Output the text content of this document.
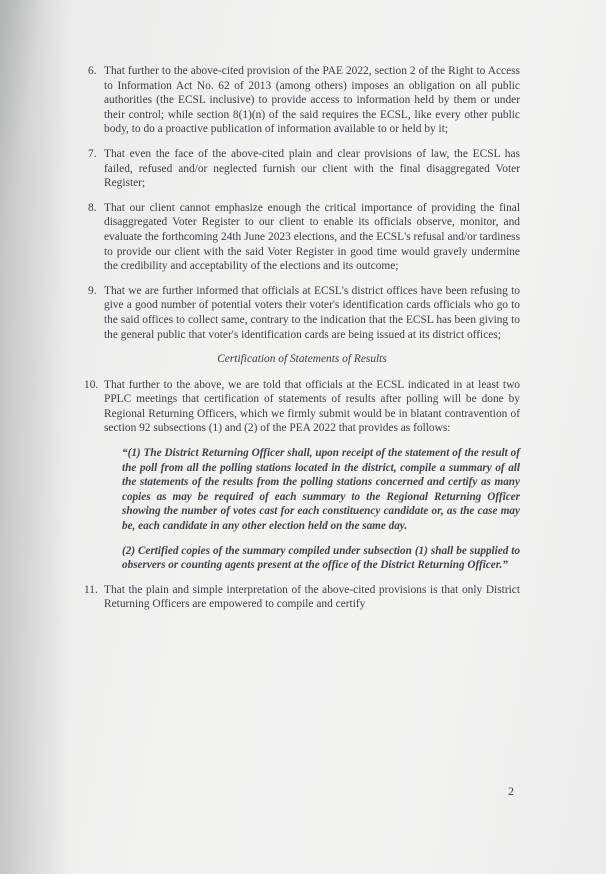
6. That further to the above-cited provision of the PAE 2022, section 2 of the Right to Access to Information Act No. 62 of 2013 (among others) imposes an obligation on all public authorities (the ECSL inclusive) to provide access to information held by them or under their control; while section 8(1)(n) of the said requires the ECSL, like every other public body, to do a proactive publication of information available to or held by it;
7. That even the face of the above-cited plain and clear provisions of law, the ECSL has failed, refused and/or neglected furnish our client with the final disaggregated Voter Register;
8. That our client cannot emphasize enough the critical importance of providing the final disaggregated Voter Register to our client to enable its officials observe, monitor, and evaluate the forthcoming 24th June 2023 elections, and the ECSL's refusal and/or tardiness to provide our client with the said Voter Register in good time would gravely undermine the credibility and acceptability of the elections and its outcome;
9. That we are further informed that officials at ECSL's district offices have been refusing to give a good number of potential voters their voter's identification cards officials who go to the said offices to collect same, contrary to the indication that the ECSL has been giving to the general public that voter's identification cards are being issued at its district offices;
Certification of Statements of Results
10. That further to the above, we are told that officials at the ECSL indicated in at least two PPLC meetings that certification of statements of results after polling will be done by Regional Returning Officers, which we firmly submit would be in blatant contravention of section 92 subsections (1) and (2) of the PEA 2022 that provides as follows:
“(1) The District Returning Officer shall, upon receipt of the statement of the result of the poll from all the polling stations located in the district, compile a summary of all the statements of the results from the polling stations concerned and certify as many copies as may be required of each summary to the Regional Returning Officer showing the number of votes cast for each constituency candidate or, as the case may be, each candidate in any other election held on the same day.
(2) Certified copies of the summary compiled under subsection (1) shall be supplied to observers or counting agents present at the office of the District Returning Officer.”
11. That the plain and simple interpretation of the above-cited provisions is that only District Returning Officers are empowered to compile and certify
2
